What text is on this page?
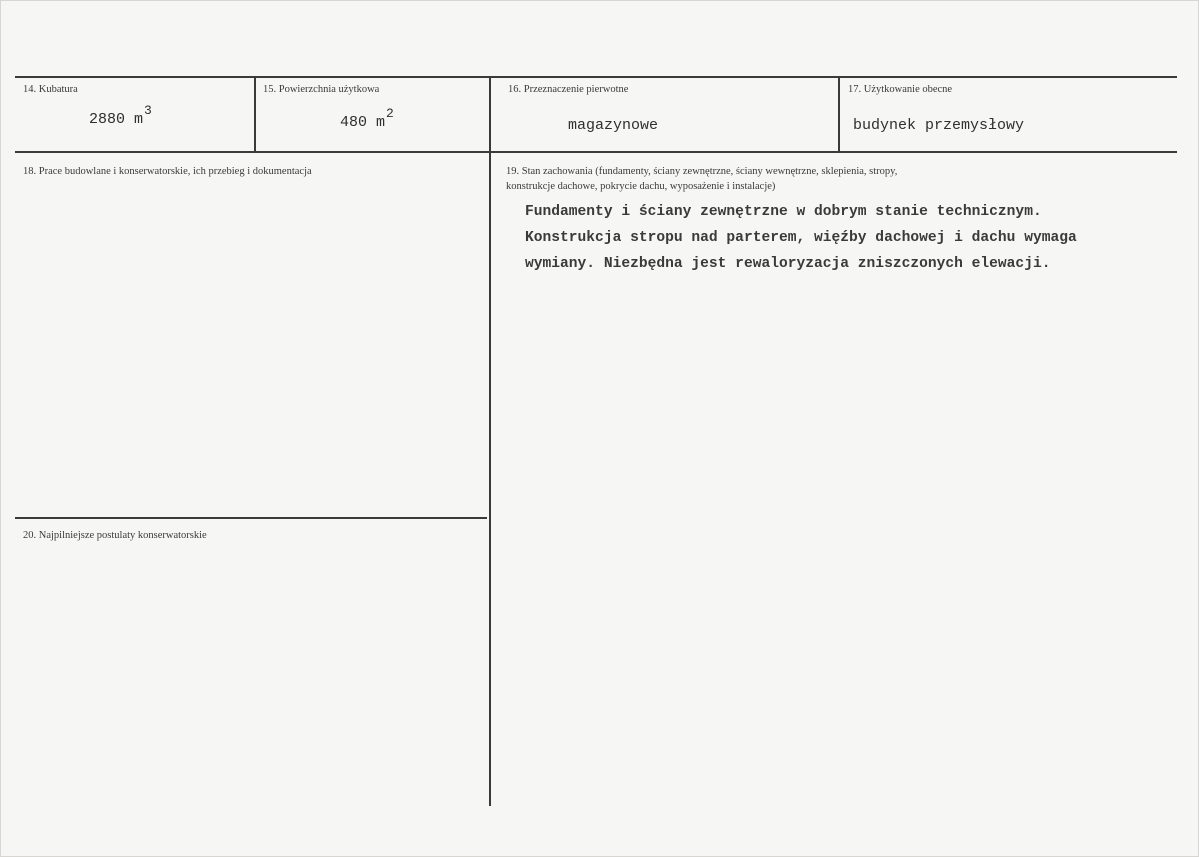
14. Kubatura
2880 m3
15. Powierzchnia użytkowa
480 m2
16. Przeznaczenie pierwotne
magazynowe
17. Użytkowanie obecne
budynek przemysłowy
18. Prace budowlane i konserwatorskie, ich przebieg i dokumentacja	19. Stan zachowania (fundamenty, ściany zewnętrzne, ściany wewnętrzne, sklepienia, stropy,
konstrukcje dachowe, pokrycie dachu, wyposażenie i instalacje)
Fundamenty i ściany zewnętrzne w dobrym stanie technicznym.
Konstrukcja stropu nad parterem, więźby dachowej i dachu wymaga
wymiany. Niezbędna jest rewaloryzacja zniszczonych elewacji.
20. Najpilniejsze postulaty konserwatorskie
